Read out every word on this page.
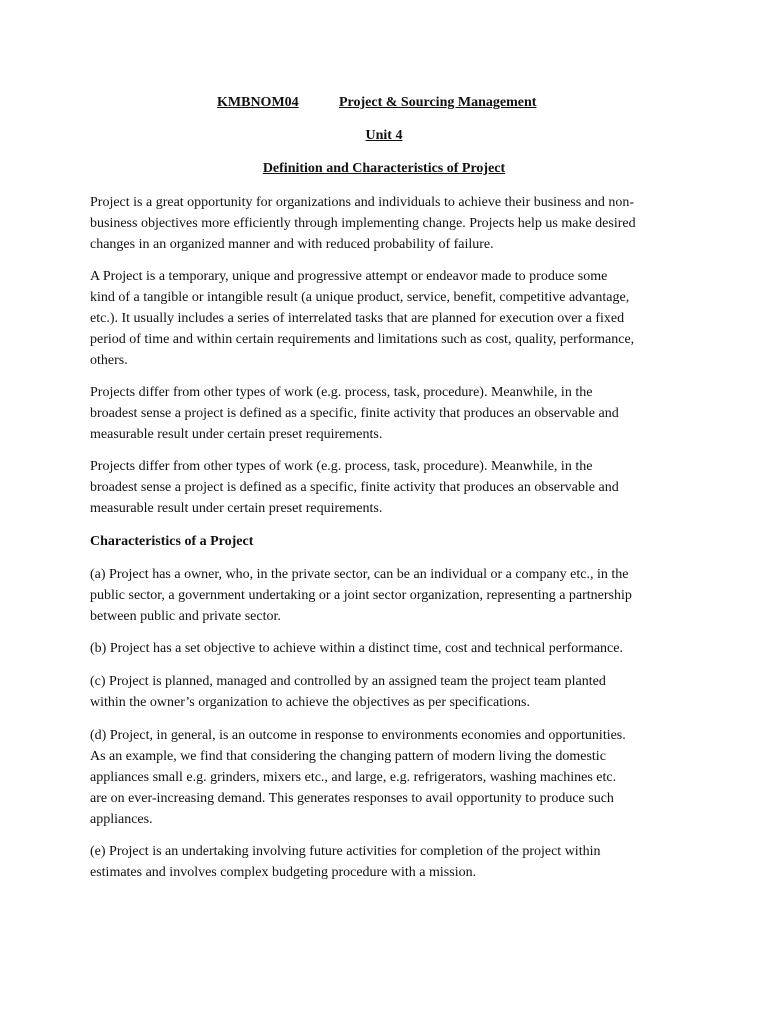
KMBNOM04	Project & Sourcing Management
Unit 4
Definition and Characteristics of Project

Project is a great opportunity for organizations and individuals to achieve their business and non-
business objectives more efficiently through implementing change. Projects help us make desired
changes in an organized manner and with reduced probability of failure.

A Project is a temporary, unique and progressive attempt or endeavor made to produce some
kind of a tangible or intangible result (a unique product, service, benefit, competitive advantage,
etc.). It usually includes a series of interrelated tasks that are planned for execution over a fixed
period of time and within certain requirements and limitations such as cost, quality, performance,
others.

Projects differ from other types of work (e.g. process, task, procedure). Meanwhile, in the
broadest sense a project is defined as a specific, finite activity that produces an observable and
measurable result under certain preset requirements.

Projects differ from other types of work (e.g. process, task, procedure). Meanwhile, in the
broadest sense a project is defined as a specific, finite activity that produces an observable and
measurable result under certain preset requirements.

Characteristics of a Project

(a) Project has a owner, who, in the private sector, can be an individual or a company etc., in the
public sector, a government undertaking or a joint sector organization, representing a partnership
between public and private sector.

(b) Project has a set objective to achieve within a distinct time, cost and technical performance.

(c) Project is planned, managed and controlled by an assigned team the project team planted
within the owner’s organization to achieve the objectives as per specifications.

(d) Project, in general, is an outcome in response to environments economies and opportunities.
As an example, we find that considering the changing pattern of modern living the domestic
appliances small e.g. grinders, mixers etc., and large, e.g. refrigerators, washing machines etc.
are on ever-increasing demand. This generates responses to avail opportunity to produce such
appliances.

(e) Project is an undertaking involving future activities for completion of the project within
estimates and involves complex budgeting procedure with a mission.
